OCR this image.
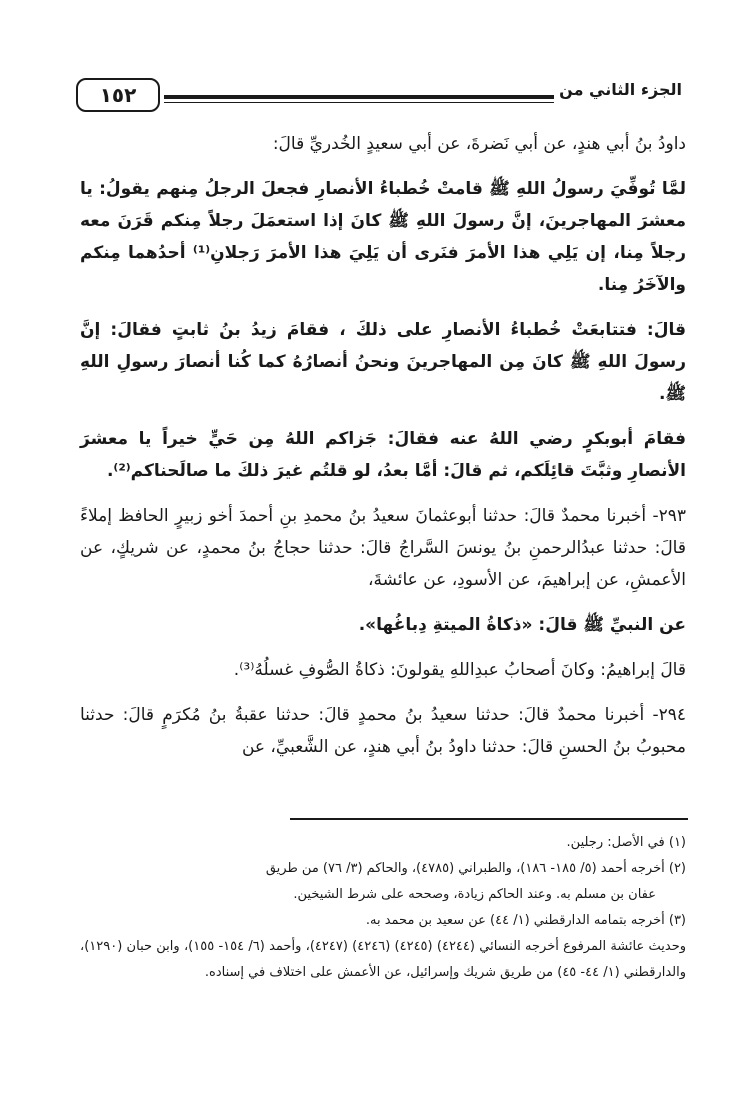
الجزء الثاني من
١٥٢

داودُ بنُ أبي هندٍ، عن أبي نَضرةَ، عن أبي سعيدٍ الخُدريِّ قالَ:

لمَّا تُوفِّيَ رسولُ اللهِ ﷺ قامتْ خُطباءُ الأنصارِ فجعلَ الرجلُ مِنهم يقولُ: يا معشرَ المهاجرينَ، إنَّ رسولَ اللهِ ﷺ كانَ إذا استعمَلَ رجلاً مِنكم قَرَنَ معه رجلاً مِنا، إن يَلِي هذا الأمرَ فنَرى أن يَلِيَ هذا الأمرَ رَجلانِ⁽¹⁾ أحدُهما مِنكم والآخَرُ مِنا.

قالَ: فتتابعَتْ خُطباءُ الأنصارِ على ذلكَ ، فقامَ زيدُ بنُ ثابتٍ فقالَ: إنَّ رسولَ اللهِ ﷺ كانَ مِن المهاجرينَ ونحنُ أنصارُهُ كما كُنا أنصارَ رسولِ اللهِ ﷺ.

فقامَ أبوبكرٍ رضي اللهُ عنه فقالَ: جَزاكم اللهُ مِن حَيٍّ خيراً يا معشرَ الأنصارِ وثبَّتَ قائِلَكم، ثم قالَ: أمَّا بعدُ، لو قلتُم غيرَ ذلكَ ما صالَحناكم⁽²⁾.

٢٩٣- أخبرنا محمدٌ قالَ: حدثنا أبوعثمانَ سعيدُ بنُ محمدِ بنِ أحمدَ أخو زبيرٍ الحافظ إملاءً قالَ: حدثنا عبدُالرحمنِ بنُ يونسَ السَّراجُ قالَ: حدثنا حجاجُ بنُ محمدٍ، عن شريكٍ، عن الأعمشِ، عن إبراهيمَ، عن الأسودِ، عن عائشةَ،

عن النبيِّ ﷺ قالَ: «ذكاةُ الميتةِ دِباغُها».

قالَ إبراهيمُ: وكانَ أصحابُ عبدِاللهِ يقولونَ: ذكاةُ الصُّوفِ غسلُهُ⁽³⁾.

٢٩٤- أخبرنا محمدٌ قالَ: حدثنا سعيدُ بنُ محمدٍ قالَ: حدثنا عقبةُ بنُ مُكرَمٍ قالَ: حدثنا محبوبُ بنُ الحسنِ قالَ: حدثنا داودُ بنُ أبي هندٍ، عن الشَّعبيِّ، عن

(١) في الأصل: رجلين.

(٢) أخرجه أحمد (٥/ ١٨٥- ١٨٦)، والطبراني (٤٧٨٥)، والحاكم (٣/ ٧٦) من طريق

عفان بن مسلم به. وعند الحاكم زيادة، وصححه على شرط الشيخين.

(٣) أخرجه بتمامه الدارقطني (١/ ٤٤) عن سعيد بن محمد به.

وحديث عائشة المرفوع أخرجه النسائي (٤٢٤٤) (٤٢٤٥) (٤٢٤٦) (٤٢٤٧)، وأحمد (٦/ ١٥٤- ١٥٥)، وابن حبان (١٢٩٠)، والدارقطني (١/ ٤٤- ٤٥) من طريق شريك وإسرائيل، عن الأعمش على اختلاف في إسناده.
